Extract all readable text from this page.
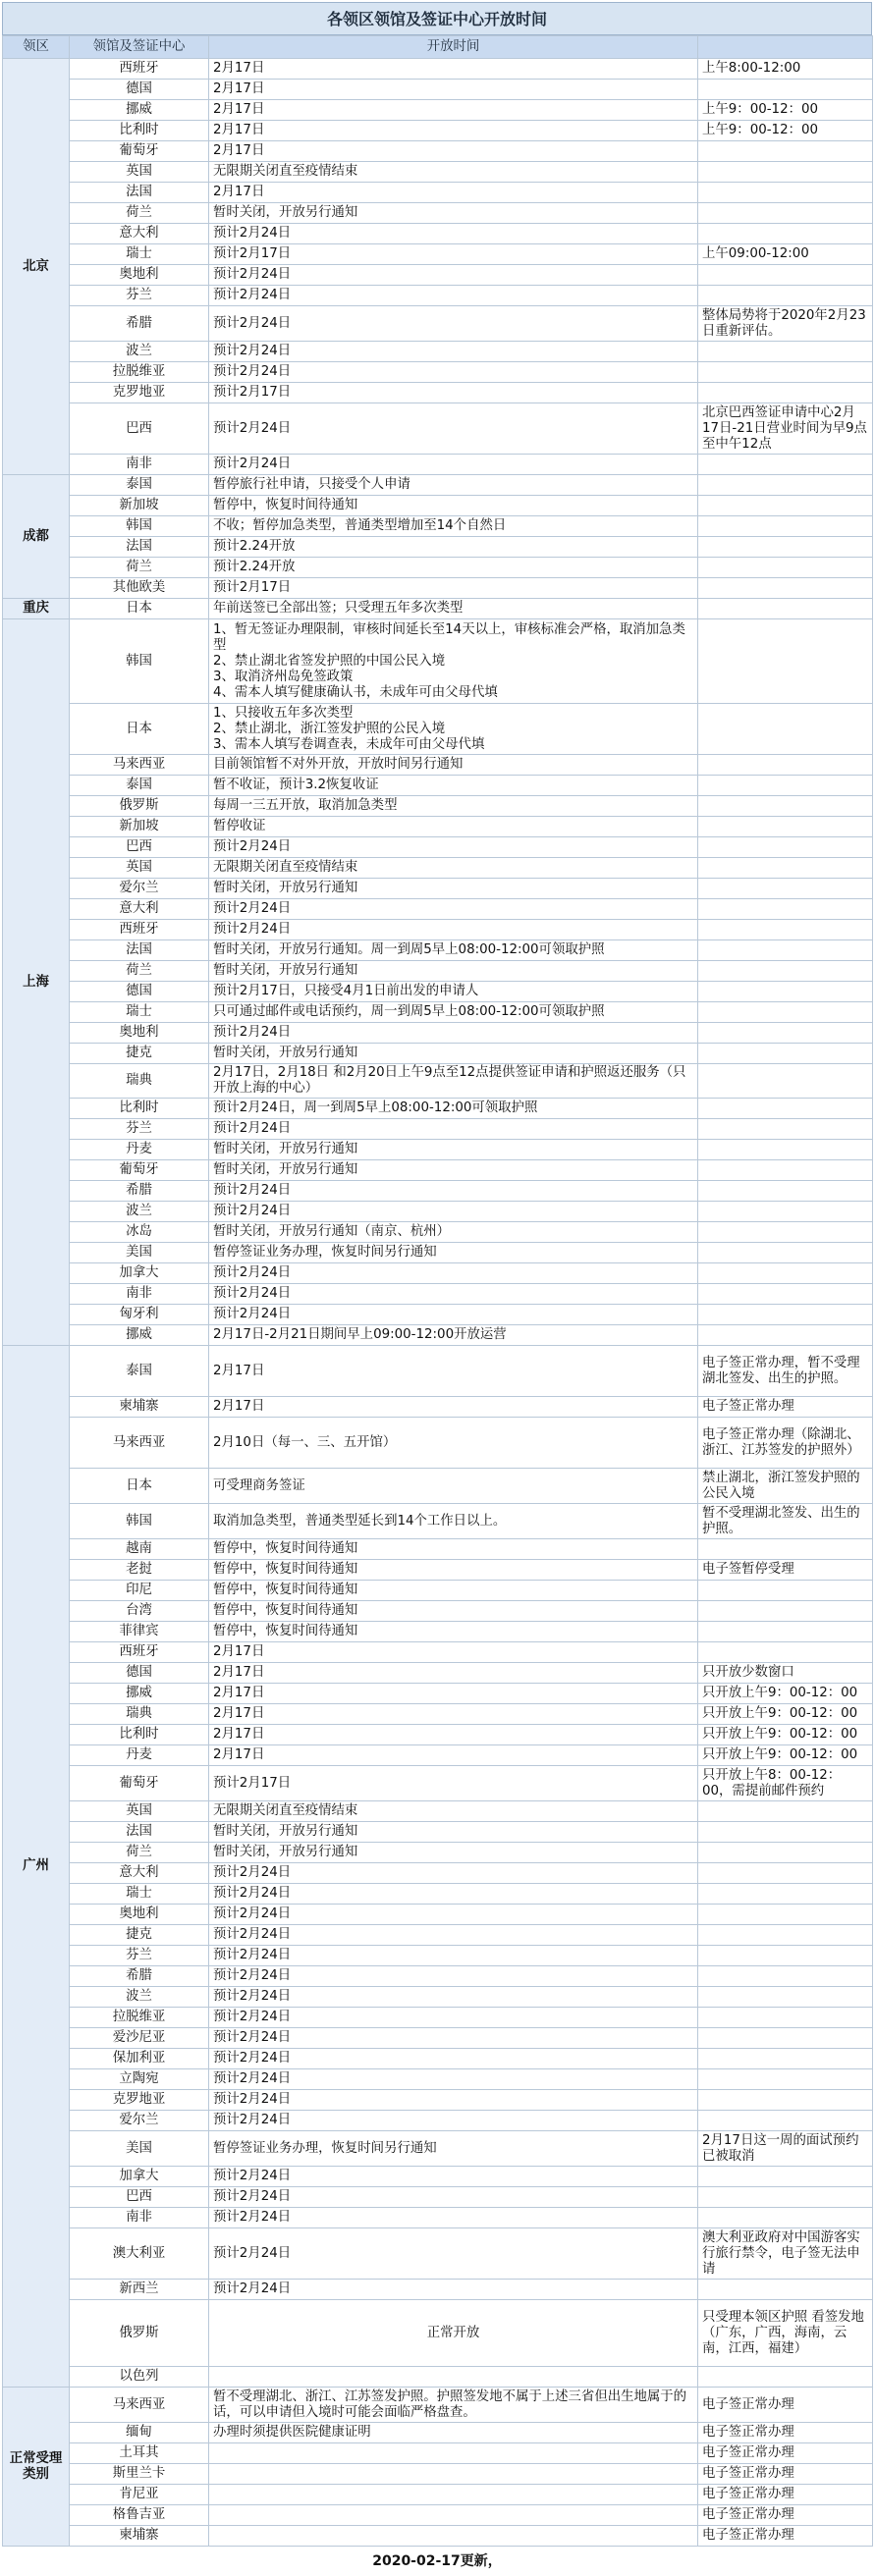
各领区领馆及签证中心开放时间
领区	领馆及签证中心	开放时间	
北京	西班牙	2月17日	上午8:00-12:00
	德国	2月17日	
	挪威	2月17日	上午9：00-12：00
	比利时	2月17日	上午9：00-12：00
	葡萄牙	2月17日	
	英国	无限期关闭直至疫情结束	
	法国	2月17日	
	荷兰	暂时关闭，开放另行通知	
	意大利	预计2月24日	
	瑞士	预计2月17日	上午09:00-12:00
	奥地利	预计2月24日	
	芬兰	预计2月24日	
	希腊	预计2月24日	整体局势将于2020年2月23日重新评估。
	波兰	预计2月24日	
	拉脱维亚	预计2月24日	
	克罗地亚	预计2月17日	
	巴西	预计2月24日	北京巴西签证申请中心2月17日-21日营业时间为早9点至中午12点
	南非	预计2月24日	
成都	泰国	暂停旅行社申请，只接受个人申请	
	新加坡	暂停中，恢复时间待通知	
	韩国	不收；暂停加急类型，普通类型增加至14个自然日	
	法国	预计2.24开放	
	荷兰	预计2.24开放	
	其他欧美	预计2月17日	
重庆	日本	年前送签已全部出签；只受理五年多次类型	
上海	韩国	1、暂无签证办理限制，审核时间延长至14天以上，审核标准会严格，取消加急类型
2、禁止湖北省签发护照的中国公民入境
3、取消济州岛免签政策
4、需本人填写健康确认书，未成年可由父母代填	
	日本	1、只接收五年多次类型
2、禁止湖北，浙江签发护照的公民入境
3、需本人填写卷调查表，未成年可由父母代填	
	马来西亚	目前领馆暂不对外开放，开放时间另行通知	
	泰国	暂不收证，预计3.2恢复收证	
	俄罗斯	每周一三五开放，取消加急类型	
	新加坡	暂停收证	
	巴西	预计2月24日	
	英国	无限期关闭直至疫情结束	
	爱尔兰	暂时关闭，开放另行通知	
	意大利	预计2月24日	
	西班牙	预计2月24日	
	法国	暂时关闭，开放另行通知。周一到周5早上08:00-12:00可领取护照	
	荷兰	暂时关闭，开放另行通知	
	德国	预计2月17日，只接受4月1日前出发的申请人	
	瑞士	只可通过邮件或电话预约，周一到周5早上08:00-12:00可领取护照	
	奥地利	预计2月24日	
	捷克	暂时关闭，开放另行通知	
	瑞典	2月17日，2月18日 和2月20日上午9点至12点提供签证申请和护照返还服务（只开放上海的中心）	
	比利时	预计2月24日，周一到周5早上08:00-12:00可领取护照	
	芬兰	预计2月24日	
	丹麦	暂时关闭，开放另行通知	
	葡萄牙	暂时关闭，开放另行通知	
	希腊	预计2月24日	
	波兰	预计2月24日	
	冰岛	暂时关闭，开放另行通知（南京、杭州）	
	美国	暂停签证业务办理，恢复时间另行通知	
	加拿大	预计2月24日	
	南非	预计2月24日	
	匈牙利	预计2月24日	
	挪威	2月17日-2月21日期间早上09:00-12:00开放运营	
广州	泰国	2月17日	电子签正常办理，暂不受理湖北签发、出生的护照。
	柬埔寨	2月17日	电子签正常办理
	马来西亚	2月10日（每一、三、五开馆）	电子签正常办理（除湖北、浙江、江苏签发的护照外）
	日本	可受理商务签证	禁止湖北，浙江签发护照的公民入境
	韩国	取消加急类型，普通类型延长到14个工作日以上。	暂不受理湖北签发、出生的护照。
	越南	暂停中，恢复时间待通知	
	老挝	暂停中，恢复时间待通知	电子签暂停受理
	印尼	暂停中，恢复时间待通知	
	台湾	暂停中，恢复时间待通知	
	菲律宾	暂停中，恢复时间待通知	
	西班牙	2月17日	
	德国	2月17日	只开放少数窗口
	挪威	2月17日	只开放上午9：00-12：00
	瑞典	2月17日	只开放上午9：00-12：00
	比利时	2月17日	只开放上午9：00-12：00
	丹麦	2月17日	只开放上午9：00-12：00
	葡萄牙	预计2月17日	只开放上午8：00-12：00，需提前邮件预约
	英国	无限期关闭直至疫情结束	
	法国	暂时关闭，开放另行通知	
	荷兰	暂时关闭，开放另行通知	
	意大利	预计2月24日	
	瑞士	预计2月24日	
	奥地利	预计2月24日	
	捷克	预计2月24日	
	芬兰	预计2月24日	
	希腊	预计2月24日	
	波兰	预计2月24日	
	拉脱维亚	预计2月24日	
	爱沙尼亚	预计2月24日	
	保加利亚	预计2月24日	
	立陶宛	预计2月24日	
	克罗地亚	预计2月24日	
	爱尔兰	预计2月24日	
	美国	暂停签证业务办理，恢复时间另行通知	2月17日这一周的面试预约已被取消
	加拿大	预计2月24日	
	巴西	预计2月24日	
	南非	预计2月24日	
	澳大利亚	预计2月24日	澳大利亚政府对中国游客实行旅行禁令，电子签无法申请
	新西兰	预计2月24日	
	俄罗斯	正常开放	只受理本领区护照 看签发地（广东，广西，海南，云南，江西，福建）
	以色列		
正常受理类别	马来西亚	暂不受理湖北、浙江、江苏签发护照。护照签发地不属于上述三省但出生地属于的话，可以申请但入境时可能会面临严格盘查。	电子签正常办理
	缅甸	办理时须提供医院健康证明	电子签正常办理
	土耳其		电子签正常办理
	斯里兰卡		电子签正常办理
	肯尼亚		电子签正常办理
	格鲁吉亚		电子签正常办理
	柬埔寨		电子签正常办理
2020-02-17更新，
